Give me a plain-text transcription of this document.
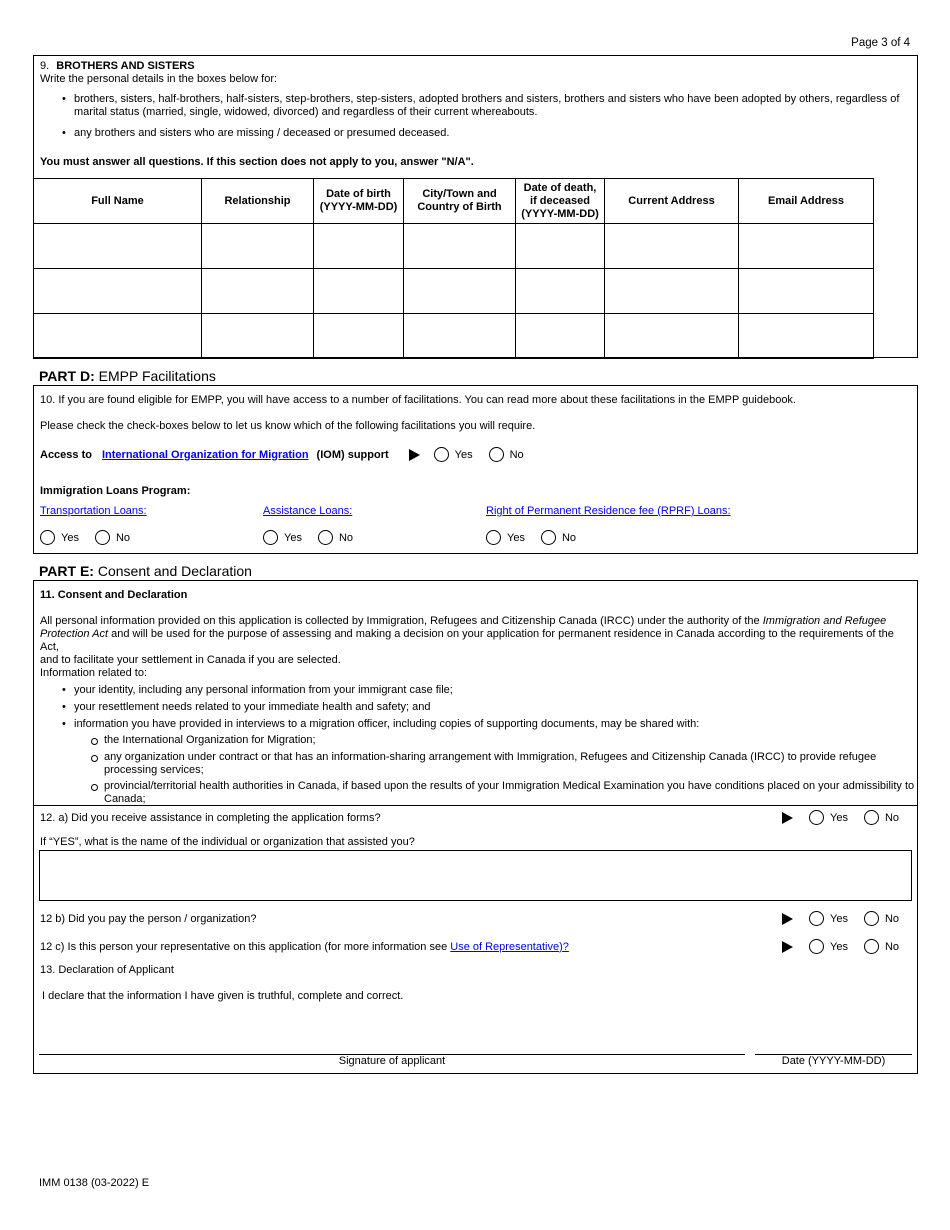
Page 3 of 4
9. BROTHERS AND SISTERS
Write the personal details in the boxes below for:
• brothers, sisters, half-brothers, half-sisters, step-brothers, step-sisters, adopted brothers and sisters, brothers and sisters who have been adopted by others, regardless of
marital status (married, single, widowed, divorced) and regardless of their current whereabouts.
• any brothers and sisters who are missing / deceased or presumed deceased.
You must answer all questions. If this section does not apply to you, answer "N/A".
Full Name	Relationship	Date of birth
(YYYY-MM-DD)	City/Town and
Country of Birth	Date of death,
if deceased
(YYYY-MM-DD)	Current Address	Email Address

PART D: EMPP Facilitations
10. If you are found eligible for EMPP, you will have access to a number of facilitations. You can read more about these facilitations in the EMPP guidebook.
Please check the check-boxes below to let us know which of the following facilitations you will require.
Access to International Organization for Migration (IOM) support	Yes	No
Immigration Loans Program:
Transportation Loans:	Assistance Loans:	Right of Permanent Residence fee (RPRF) Loans:
Yes	No	Yes	No	Yes	No
PART E: Consent and Declaration
11. Consent and Declaration
All personal information provided on this application is collected by Immigration, Refugees and Citizenship Canada (IRCC) under the authority of the Immigration and Refugee
Protection Act and will be used for the purpose of assessing and making a decision on your application for permanent residence in Canada according to the requirements of the Act,
and to facilitate your settlement in Canada if you are selected.
Information related to:
• your identity, including any personal information from your immigrant case file;
• your resettlement needs related to your immediate health and safety; and
• information you have provided in interviews to a migration officer, including copies of supporting documents, may be shared with:
the International Organization for Migration;
any organization under contract or that has an information-sharing arrangement with Immigration, Refugees and Citizenship Canada (IRCC) to provide refugee
processing services;
provincial/territorial health authorities in Canada, if based upon the results of your Immigration Medical Examination you have conditions placed on your admissibility to
Canada;
12. a) Did you receive assistance in completing the application forms?	Yes	No
If “YES”, what is the name of the individual or organization that assisted you?
12 b) Did you pay the person / organization?	Yes	No
12 c) Is this person your representative on this application (for more information see Use of Representative)?	Yes	No
13. Declaration of Applicant
I declare that the information I have given is truthful, complete and correct.
Signature of applicant	Date (YYYY-MM-DD)
IMM 0138 (03-2022) E
